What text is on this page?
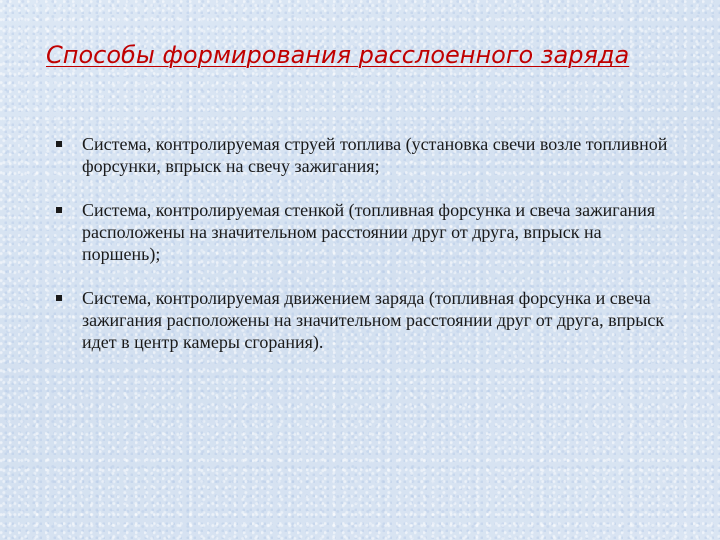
Способы формирования расслоенного заряда
Система, контролируемая струей топлива (установка свечи возле топливной форсунки, впрыск на свечу зажигания;
Система, контролируемая стенкой (топливная форсунка и свеча зажигания расположены на значительном расстоянии друг от друга, впрыск на поршень);
Система, контролируемая движением заряда (топливная форсунка и свеча зажигания расположены на значительном расстоянии друг от друга, впрыск идет в центр камеры сгорания).
